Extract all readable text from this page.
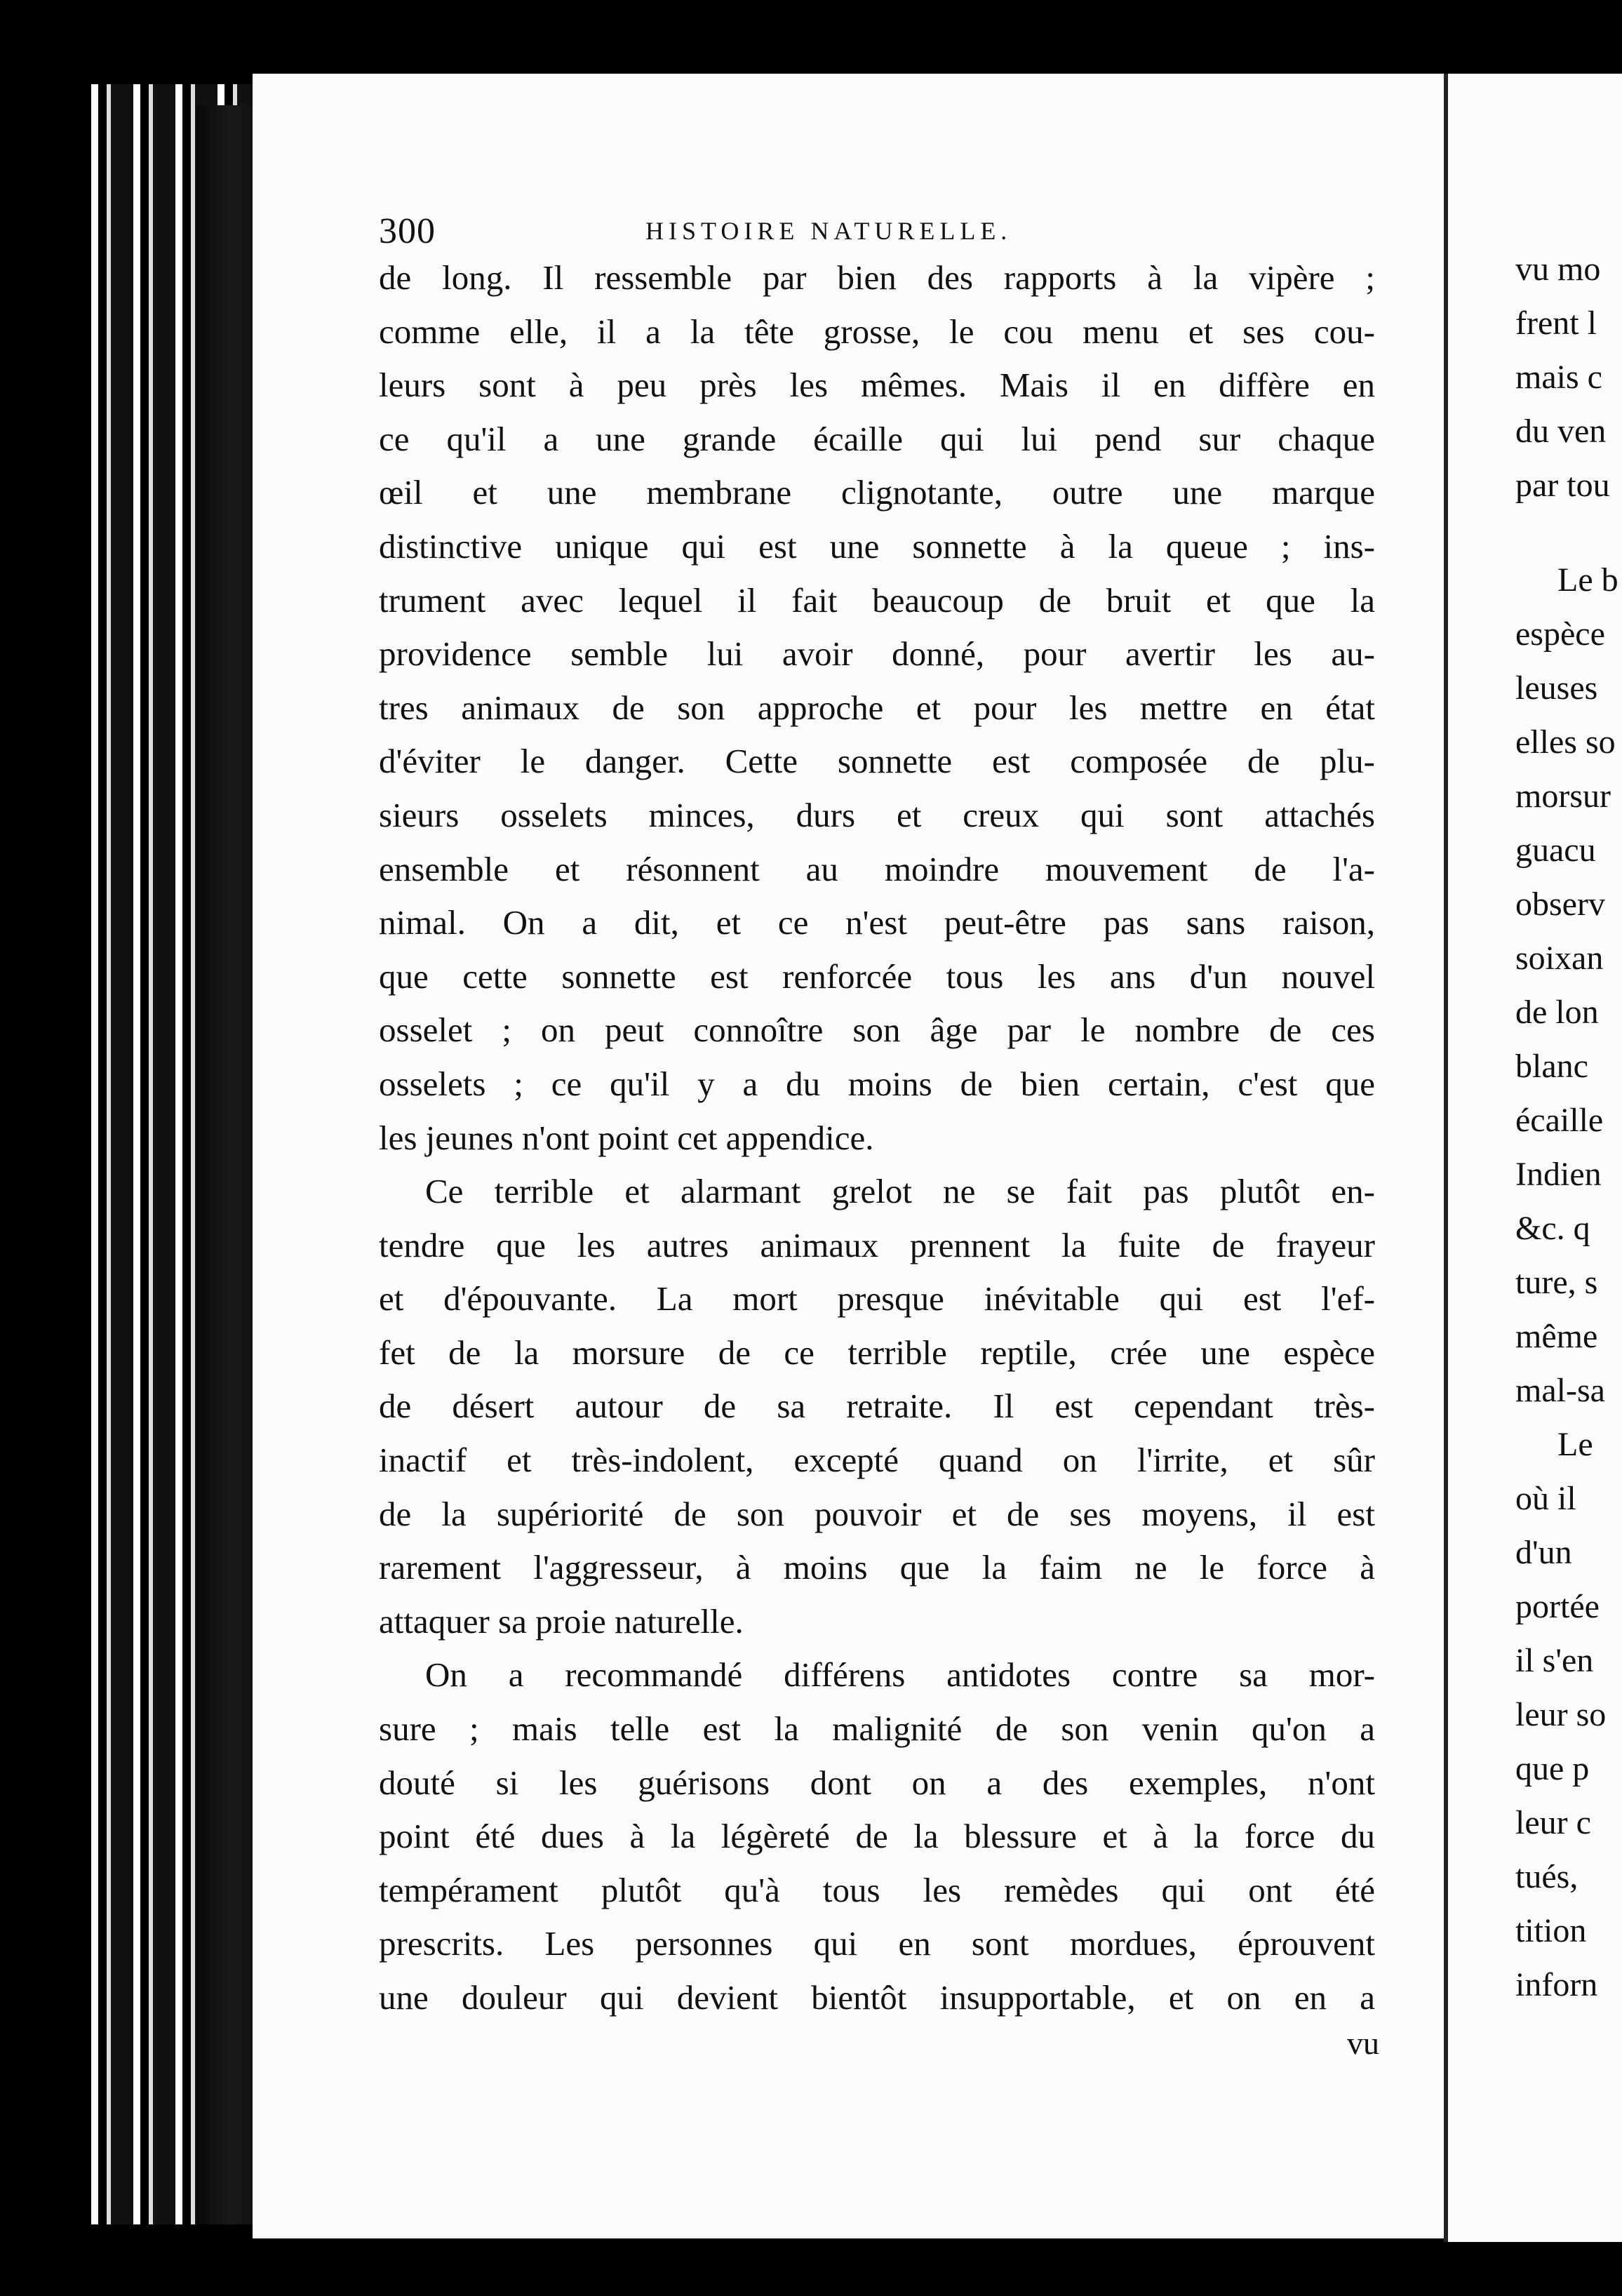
300	HISTOIRE NATURELLE.
de long. Il ressemble par bien des rapports à la vipère ;
comme elle, il a la tête grosse, le cou menu et ses cou-
leurs sont à peu près les mêmes. Mais il en diffère en
ce qu'il a une grande écaille qui lui pend sur chaque
œil et une membrane clignotante, outre une marque
distinctive unique qui est une sonnette à la queue ; ins-
trument avec lequel il fait beaucoup de bruit et que la
providence semble lui avoir donné, pour avertir les au-
tres animaux de son approche et pour les mettre en état
d'éviter le danger. Cette sonnette est composée de plu-
sieurs osselets minces, durs et creux qui sont attachés
ensemble et résonnent au moindre mouvement de l'a-
nimal. On a dit, et ce n'est peut-être pas sans raison,
que cette sonnette est renforcée tous les ans d'un nouvel
osselet ; on peut connoître son âge par le nombre de ces
osselets ; ce qu'il y a du moins de bien certain, c'est que
les jeunes n'ont point cet appendice.
Ce terrible et alarmant grelot ne se fait pas plutôt en-
tendre que les autres animaux prennent la fuite de frayeur
et d'épouvante. La mort presque inévitable qui est l'ef-
fet de la morsure de ce terrible reptile, crée une espèce
de désert autour de sa retraite. Il est cependant très-
inactif et très-indolent, excepté quand on l'irrite, et sûr
de la supériorité de son pouvoir et de ses moyens, il est
rarement l'aggresseur, à moins que la faim ne le force à
attaquer sa proie naturelle.
On a recommandé différens antidotes contre sa mor-
sure ; mais telle est la malignité de son venin qu'on a
douté si les guérisons dont on a des exemples, n'ont
point été dues à la légèreté de la blessure et à la force du
tempérament plutôt qu'à tous les remèdes qui ont été
prescrits. Les personnes qui en sont mordues, éprouvent
une douleur qui devient bientôt insupportable, et on en a
vu
vu mo
frent l
mais c
du ven
par tou
Le b
espèce
leuses
elles so
morsur
guacu
observ
soixan
de lon
blanc
écaille
Indien
&c. q
ture, s
même
mal-sa
Le
où il
d'un
portée
il s'en
leur so
que p
leur c
tués,
tition
inforn
